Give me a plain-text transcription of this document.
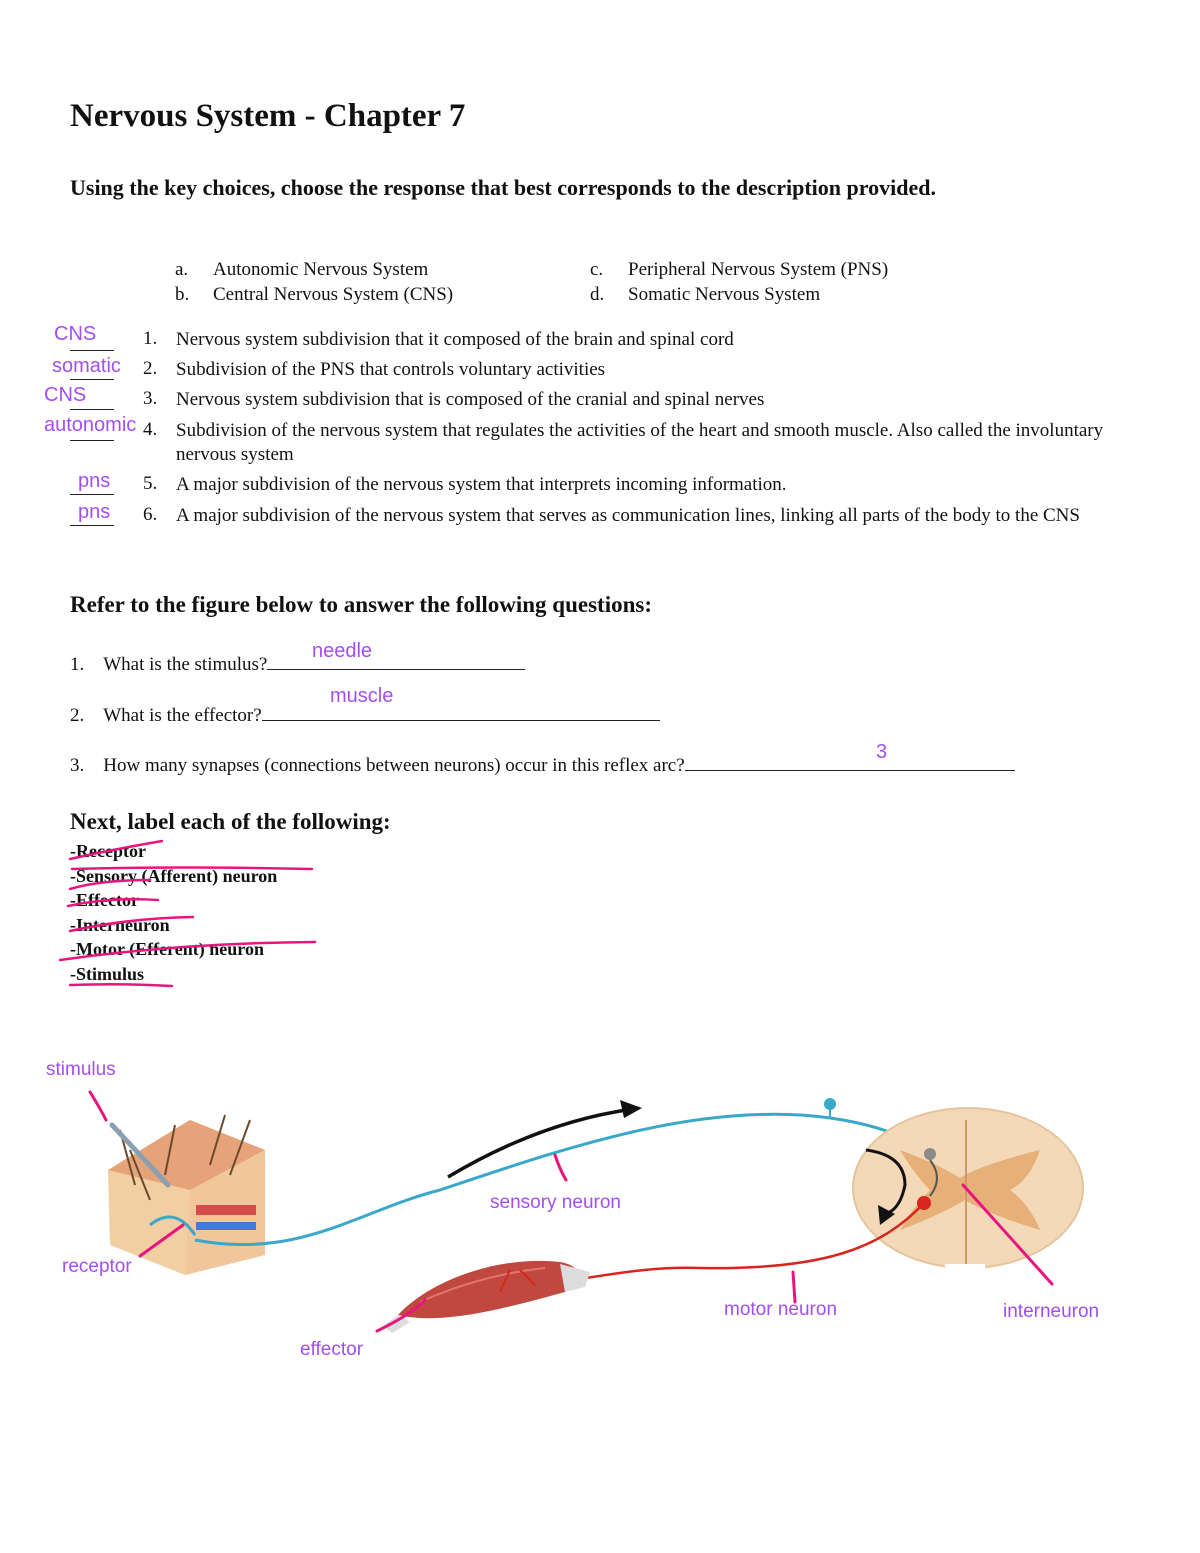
Nervous System - Chapter 7
Using the key choices, choose the response that best corresponds to the description provided.
a. Autonomic Nervous System
b. Central Nervous System (CNS)
c. Peripheral Nervous System (PNS)
d. Somatic Nervous System
CNS 1. Nervous system subdivision that it composed of the brain and spinal cord
somatic 2. Subdivision of the PNS that controls voluntary activities
CNS	3. Nervous system subdivision that is composed of the cranial and spinal nerves
autonomic 4. Subdivision of the nervous system that regulates the activities of the heart and smooth muscle. Also called the involuntary nervous system
pns 5. A major subdivision of the nervous system that interprets incoming information.
pns 6. A major subdivision of the nervous system that serves as communication lines, linking all parts of the body to the CNS
Refer to the figure below to answer the following questions:
1. What is the stimulus?
needle
2. What is the effector?
muscle
3. How many synapses (connections between neurons) occur in this reflex arc?
3
Next, label each of the following:
-Receptor
-Sensory (Afferent) neuron
-Effector
-Interneuron
-Motor (Efferent) neuron
-Stimulus
stimulus
receptor
sensory neuron
effector
motor neuron	interneuron
